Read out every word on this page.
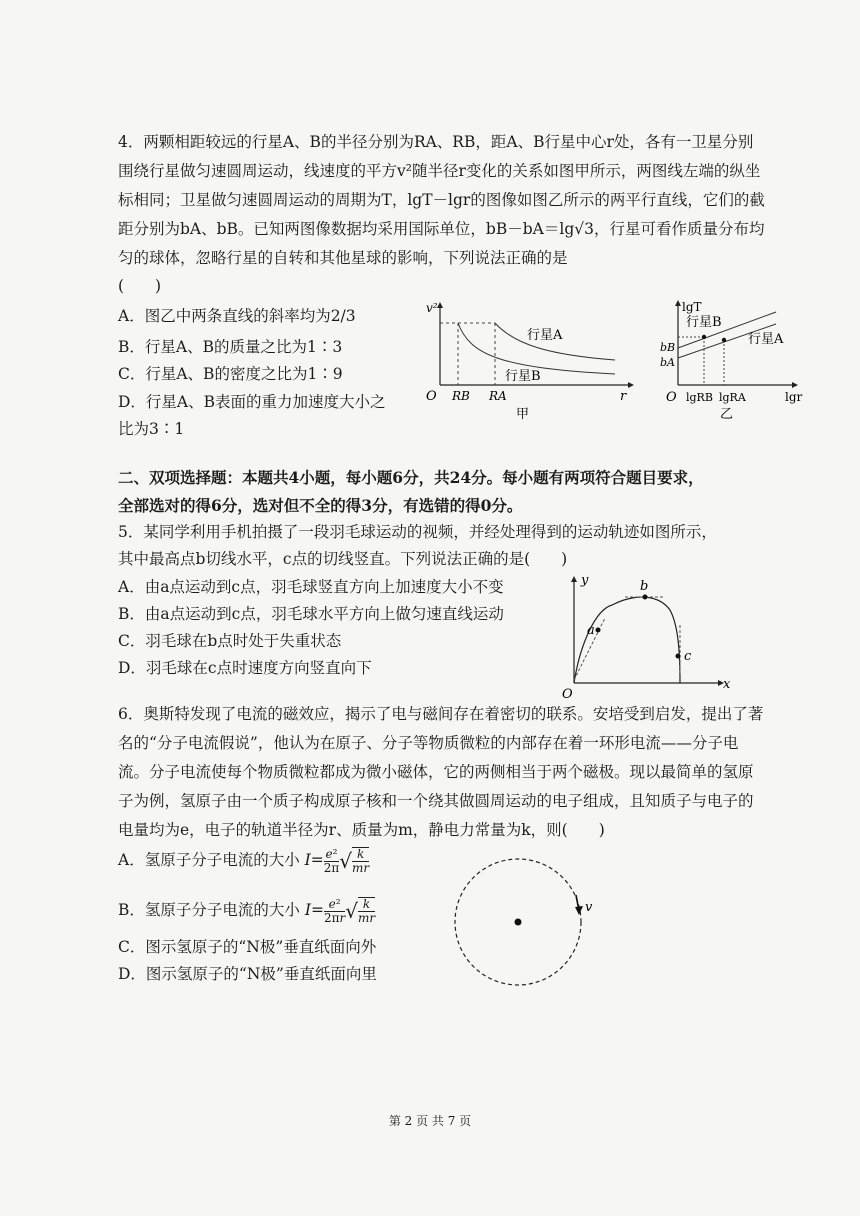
4．两颗相距较远的行星A、B的半径分别为RA、RB，距A、B行星中心r处，各有一卫星分别围绕行星做匀速圆周运动，线速度的平方v²随半径r变化的关系如图甲所示，两图线左端的纵坐标相同；卫星做匀速圆周运动的周期为T，lgT－lgr的图像如图乙所示的两平行直线，它们的截距分别为bA、bB。已知两图像数据均采用国际单位，bB－bA＝lg√3，行星可看作质量分布均匀的球体，忽略行星的自转和其他星球的影响，下列说法正确的是

(　　)
A．图乙中两条直线的斜率均为2/3
B．行星A、B的质量之比为1∶3
C．行星A、B的密度之比为1∶9
D．行星A、B表面的重力加速度大小之
比为3∶1
v²
r
O RB RA
行星A
行星B
甲
lgT
lgr
O lgRB lgRA
bB
bA
行星B
行星A
乙
二、双项选择题：本题共4小题，每小题6分，共24分。每小题有两项符合题目要求，
全部选对的得6分，选对但不全的得3分，有选错的得0分。
5．某同学利用手机拍摄了一段羽毛球运动的视频，并经处理得到的运动轨迹如图所示，
其中最高点b切线水平，c点的切线竖直。下列说法正确的是(　　)
A．由a点运动到c点，羽毛球竖直方向上加速度大小不变
B．由a点运动到c点，羽毛球水平方向上做匀速直线运动
C．羽毛球在b点时处于失重状态
D．羽毛球在c点时速度方向竖直向下
y
x
O
a
b
c

6．奥斯特发现了电流的磁效应，揭示了电与磁间存在着密切的联系。安培受到启发，提出了著名的“分子电流假说”，他认为在原子、分子等物质微粒的内部存在着一环形电流——分子电流。分子电流使每个物质微粒都成为微小磁体，它的两侧相当于两个磁极。现以最简单的氢原子为例，氢原子由一个质子构成原子核和一个绕其做圆周运动的电子组成，且知质子与电子的电量均为e，电子的轨道半径为r、质量为m，静电力常量为k，则(　　)

A．氢原子分子电流的大小 $I= \frac{\text{e²}}{2\pi}$ √ $\frac{k}{mr}$
B．氢原子分子电流的大小 $I= \frac{\text{e²}}{2\pi r}$ √ $\frac{k}{mr}$
C．图示氢原子的“N极”垂直纸面向外
D．图示氢原子的“N极”垂直纸面向里
v
第 2 页 共 7 页
